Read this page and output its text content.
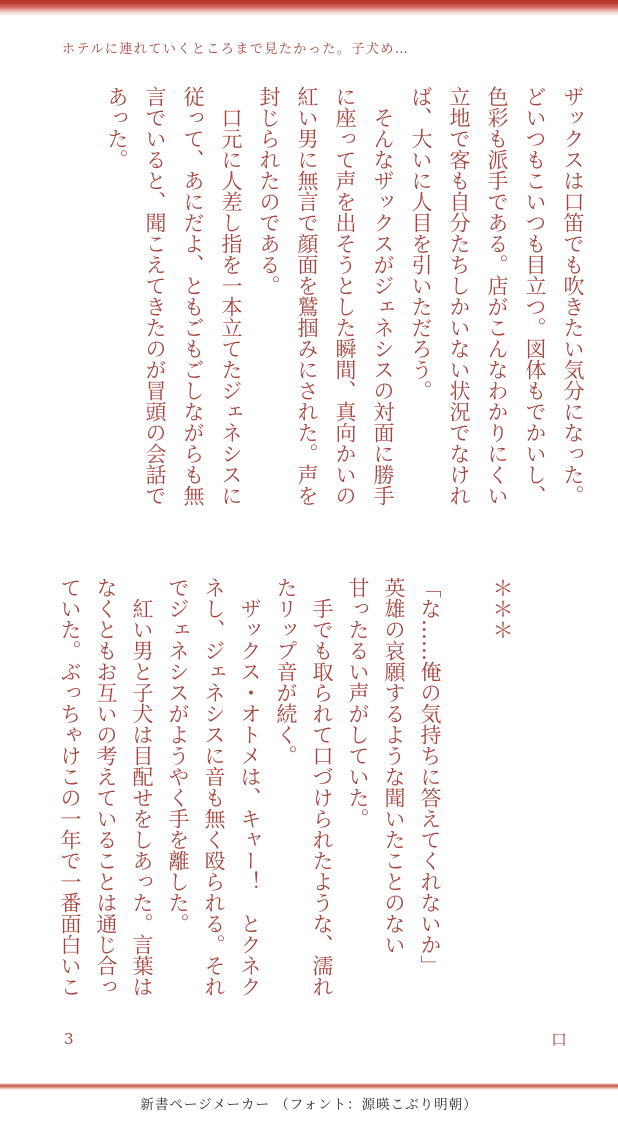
ホテルに連れていくところまで見たかった。子犬め…
ザックスは口笛でも吹きたい気分になった。
どいつもこいつも目立つ。図体もでかいし、
色彩も派手である。店がこんなわかりにくい
立地で客も自分たちしかいない状況でなけれ
ば、大いに人目を引いただろう。
　そんなザックスがジェネシスの対面に勝手
に座って声を出そうとした瞬間、真向かいの
紅い男に無言で顔面を鷲掴みにされた。声を
封じられたのである。
　口元に人差し指を一本立てたジェネシスに
従って、あにだよ、ともごもごしながらも無
言でいると、聞こえてきたのが冒頭の会話で
あった。

＊＊＊

「な……俺の気持ちに答えてくれないか」
英雄の哀願するような聞いたことのない
甘ったるい声がしていた。
　手でも取られて口づけられたような、濡れ
たリップ音が続く。
　ザックス・オトメは、キャー！　とクネク
ネし、ジェネシスに音も無く殴られる。それ
でジェネシスがようやく手を離した。
　紅い男と子犬は目配せをしあった。言葉は
なくともお互いの考えていることは通じ合っ
ていた。ぶっちゃけこの一年で一番面白いこ
3	口
新書ページメーカー （フォント：源暎こぶり明朝）
